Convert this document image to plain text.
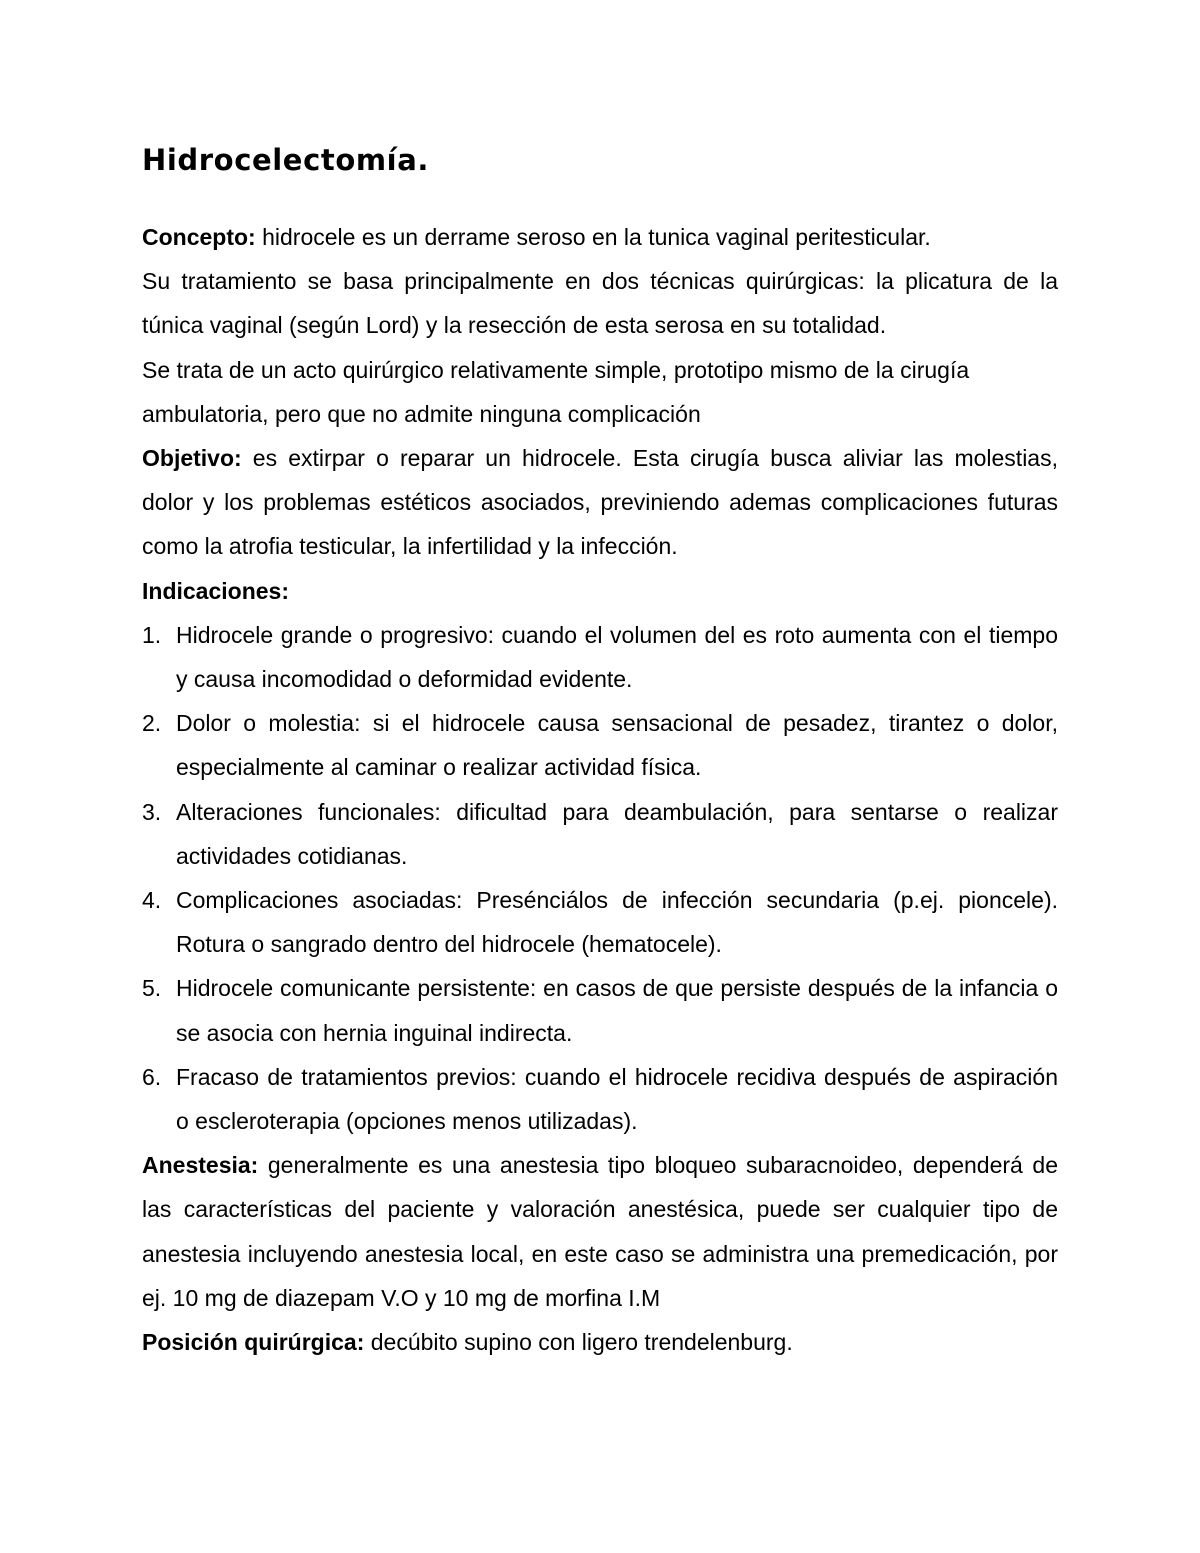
Hidrocelectomía.

Concepto: hidrocele es un derrame seroso en la tunica vaginal peritesticular.

Su tratamiento se basa principalmente en dos técnicas quirúrgicas: la plicatura de la túnica vaginal (según Lord) y la resección de esta serosa en su totalidad.

Se trata de un acto quirúrgico relativamente simple, prototipo mismo de la cirugía ambulatoria, pero que no admite ninguna complicación

Objetivo: es extirpar o reparar un hidrocele. Esta cirugía busca aliviar las molestias, dolor y los problemas estéticos asociados, previniendo ademas complicaciones futuras como la atrofia testicular, la infertilidad y la infección.

Indicaciones:

1. Hidrocele grande o progresivo: cuando el volumen del es roto aumenta con el tiempo y causa incomodidad o deformidad evidente.
2. Dolor o molestia: si el hidrocele causa sensacional de pesadez, tirantez o dolor, especialmente al caminar o realizar actividad física.
3. Alteraciones funcionales: dificultad para deambulación, para sentarse o realizar actividades cotidianas.
4. Complicaciones asociadas: Presénciálos de infección secundaria (p.ej. pioncele). Rotura o sangrado dentro del hidrocele (hematocele).
5. Hidrocele comunicante persistente: en casos de que persiste después de la infancia o se asocia con hernia inguinal indirecta.
6. Fracaso de tratamientos previos: cuando el hidrocele recidiva después de aspiración o escleroterapia (opciones menos utilizadas).

Anestesia: generalmente es una anestesia tipo bloqueo subaracnoideo, dependerá de las características del paciente y valoración anestésica, puede ser cualquier tipo de anestesia incluyendo anestesia local, en este caso se administra una premedicación, por ej. 10 mg de diazepam V.O y 10 mg de morfina I.M

Posición quirúrgica: decúbito supino con ligero trendelenburg.
